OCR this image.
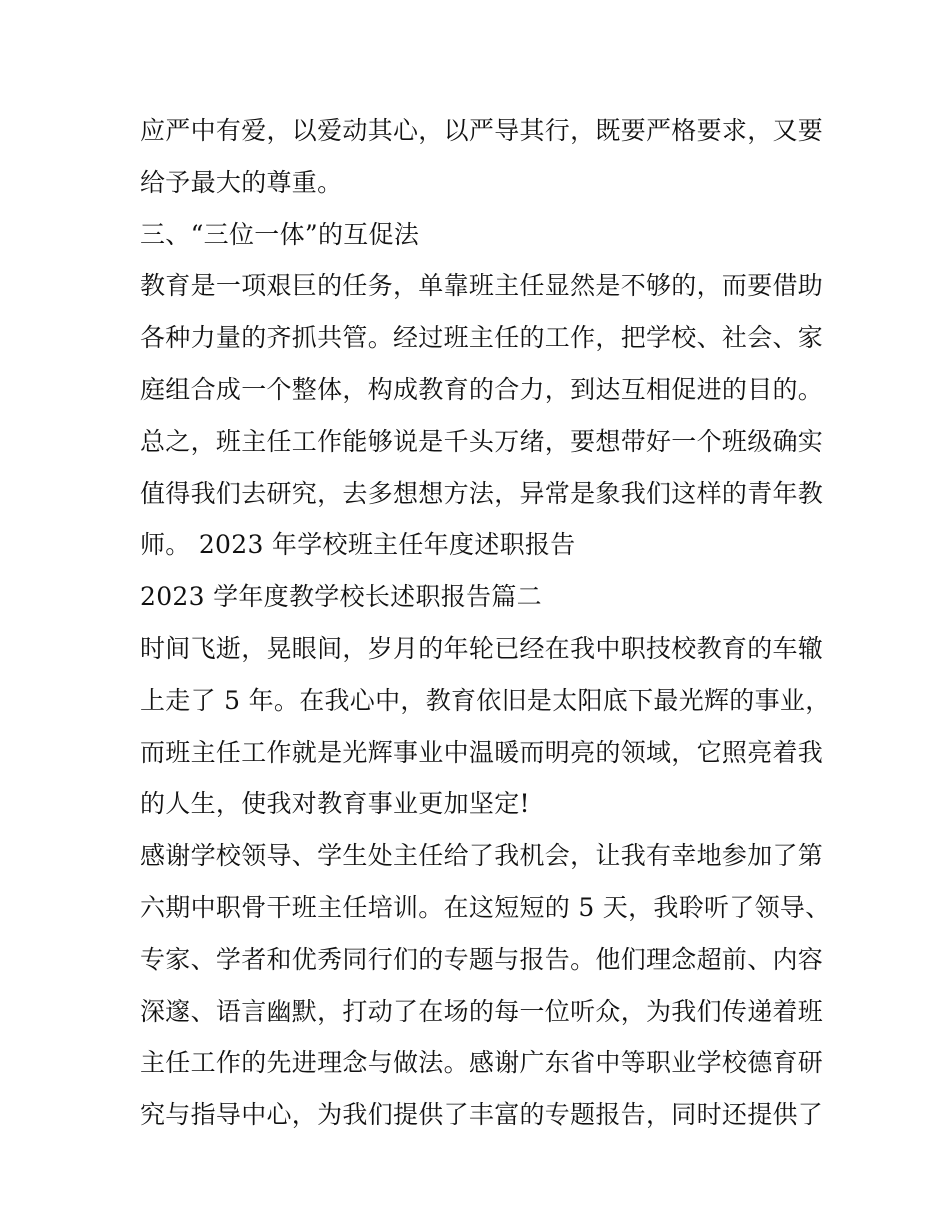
应严中有爱，以爱动其心，以严导其行，既要严格要求，又要
给予最大的尊重。
三、“三位一体”的互促法
教育是一项艰巨的任务，单靠班主任显然是不够的，而要借助
各种力量的齐抓共管。经过班主任的工作，把学校、社会、家
庭组合成一个整体，构成教育的合力，到达互相促进的目的。
总之，班主任工作能够说是千头万绪，要想带好一个班级确实
值得我们去研究，去多想想方法，异常是象我们这样的青年教
师。 2023 年学校班主任年度述职报告
2023 学年度教学校长述职报告篇二
时间飞逝，晃眼间，岁月的年轮已经在我中职技校教育的车辙
上走了 5 年。在我心中，教育依旧是太阳底下最光辉的事业，
而班主任工作就是光辉事业中温暖而明亮的领域，它照亮着我
的人生，使我对教育事业更加坚定!
感谢学校领导、学生处主任给了我机会，让我有幸地参加了第
六期中职骨干班主任培训。在这短短的 5 天，我聆听了领导、
专家、学者和优秀同行们的专题与报告。他们理念超前、内容
深邃、语言幽默，打动了在场的每一位听众，为我们传递着班
主任工作的先进理念与做法。感谢广东省中等职业学校德育研
究与指导中心，为我们提供了丰富的专题报告，同时还提供了
